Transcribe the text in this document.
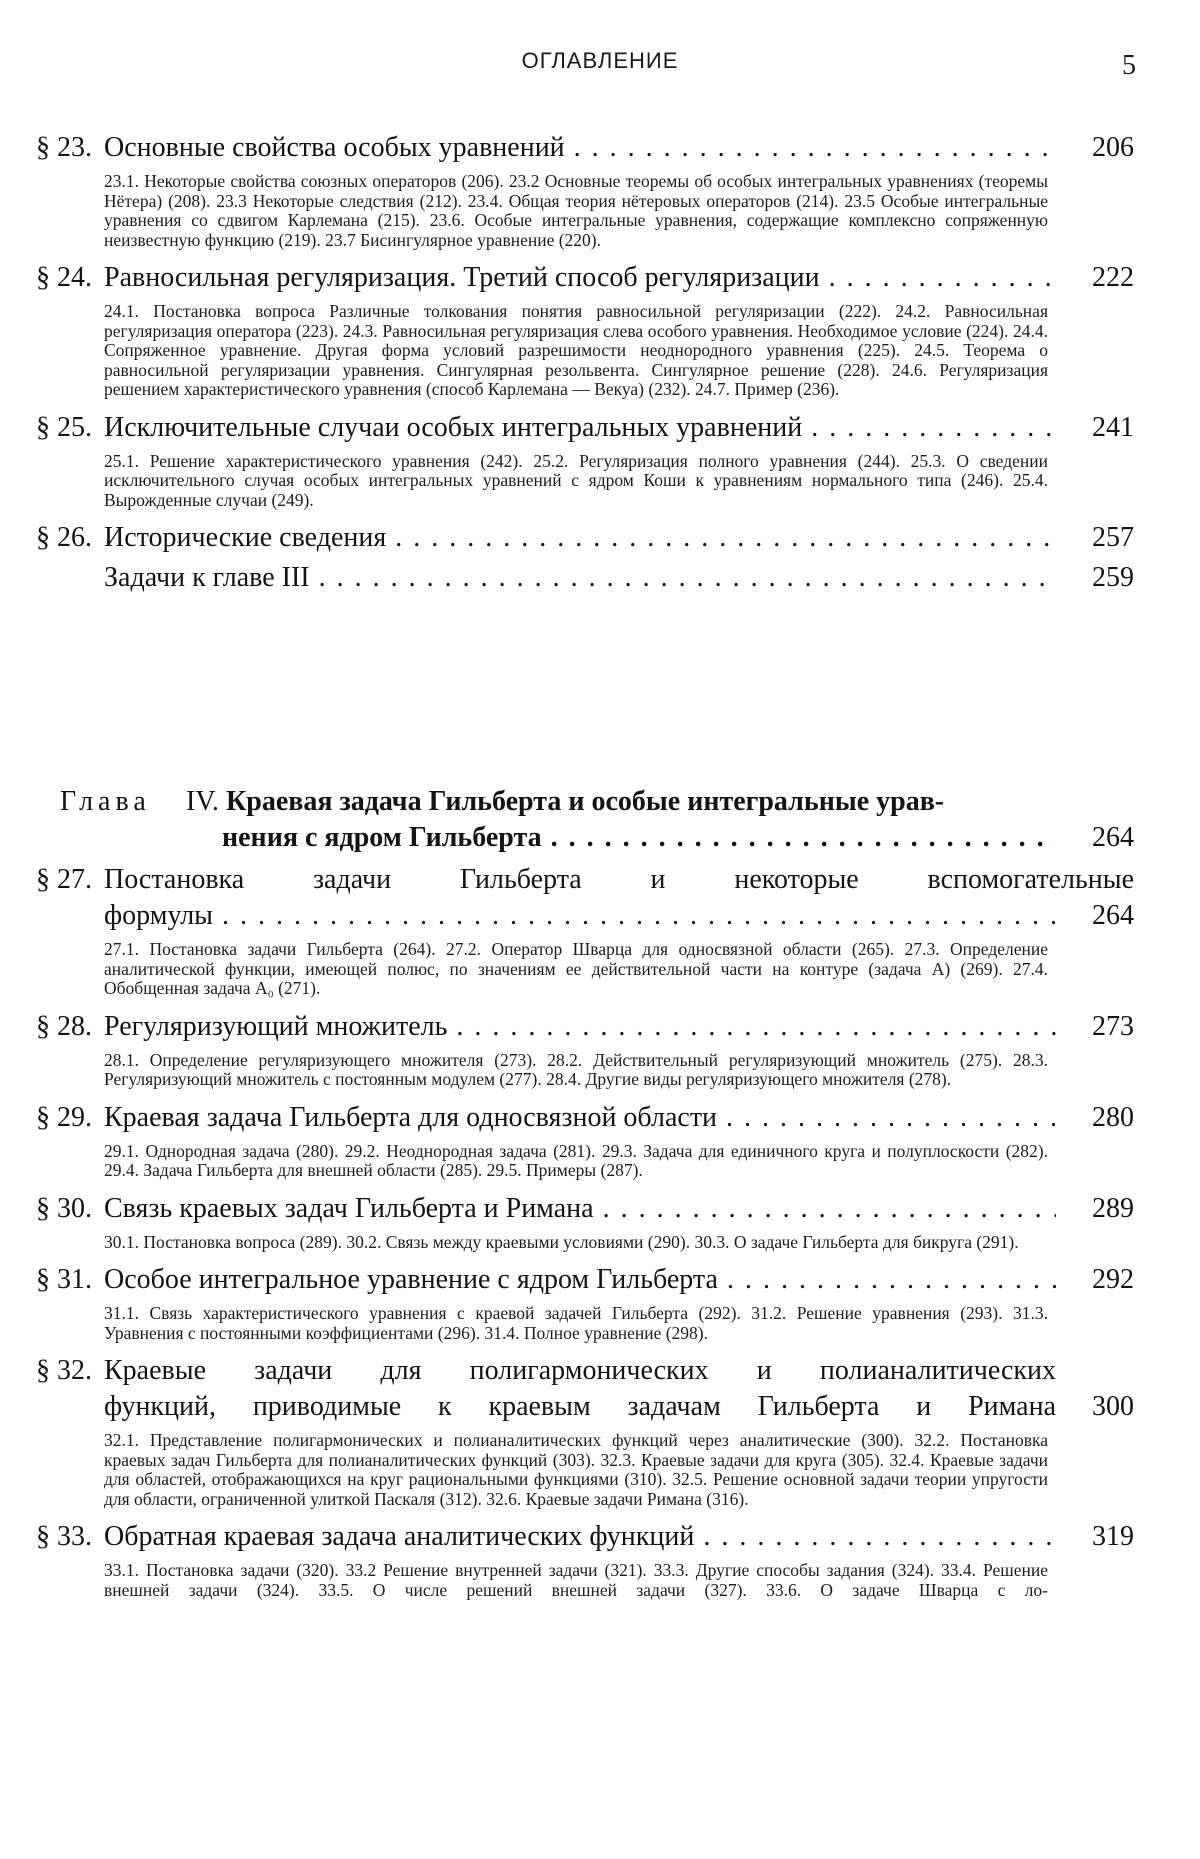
ОГЛАВЛЕНИЕ	5
§ 23. Основные свойства особых уравнений . . .	206
23.1. Некоторые свойства союзных операторов (206). 23.2 Основные теоремы об особых интегральных уравнениях (теоремы Нётера) (208). 23.3 Некоторые следствия (212). 23.4. Общая теория нётеровых операторов (214). 23.5 Особые интегральные уравнения со сдвигом Карлемана (215). 23.6. Особые интегральные уравнения, содержащие комплексно сопряженную неизвестную функцию (219). 23.7 Бисингулярное уравнение (220).
§ 24. Равносильная регуляризация. Третий способ регуляризации . . .	222
24.1. Постановка вопроса Различные толкования понятия равносильной регуляризации (222). 24.2. Равносильная регуляризация оператора (223). 24.3. Равносильная регуляризация слева особого уравнения. Необходимое условие (224). 24.4. Сопряженное уравнение. Другая форма условий разрешимости неоднородного уравнения (225). 24.5. Теорема о равносильной регуляризации уравнения. Сингулярная резольвента. Сингулярное решение (228). 24.6. Регуляризация решением характеристического уравнения (способ Карлемана — Векуа) (232). 24.7. Пример (236).
§ 25. Исключительные случаи особых интегральных уравнений . . .	241
25.1. Решение характеристического уравнения (242). 25.2. Регуляризация полного уравнения (244). 25.3. О сведении исключительного случая особых интегральных уравнений с ядром Коши к уравнениям нормального типа (246). 25.4. Вырожденные случаи (249).
§ 26. Исторические сведения . . .	257
Задачи к главе III . . .	259
Глава	IV. Краевая задача Гильберта и особые интегральные урав-
нения с ядром Гильберта . . .	264
§ 27. Постановка задачи Гильберта и некоторые вспомогательные
формулы . . .	264
27.1. Постановка задачи Гильберта (264). 27.2. Оператор Шварца для односвязной области (265). 27.3. Определение аналитической функции, имеющей полюс, по значениям ее действительной части на контуре (задача А) (269). 27.4. Обобщенная задача А₀ (271).
§ 28. Регуляризующий множитель . . .	273
28.1. Определение регуляризующего множителя (273). 28.2. Действительный регуляризующий множитель (275). 28.3. Регуляризующий множитель с постоянным модулем (277). 28.4. Другие виды регуляризующего множителя (278).
§ 29. Краевая задача Гильберта для односвязной области . . .	280
29.1. Однородная задача (280). 29.2. Неоднородная задача (281). 29.3. Задача для единичного круга и полуплоскости (282). 29.4. Задача Гильберта для внешней области (285). 29.5. Примеры (287).
§ 30. Связь краевых задач Гильберта и Римана . . .	289
30.1. Постановка вопроса (289). 30.2. Связь между краевыми условиями (290). 30.3. О задаче Гильберта для бикруга (291).
§ 31. Особое интегральное уравнение с ядром Гильберта . . .	292
31.1. Связь характеристического уравнения с краевой задачей Гильберта (292). 31.2. Решение уравнения (293). 31.3. Уравнения с постоянными коэффициентами (296). 31.4. Полное уравнение (298).
§ 32. Краевые задачи для полигармонических и полианалитических
функций, приводимые к краевым задачам Гильберта и Римана	300
32.1. Представление полигармонических и полианалитических функций через аналитические (300). 32.2. Постановка краевых задач Гильберта для полианалитических функций (303). 32.3. Краевые задачи для круга (305). 32.4. Краевые задачи для областей, отображающихся на круг рациональными функциями (310). 32.5. Решение основной задачи теории упругости для области, ограниченной улиткой Паскаля (312). 32.6. Краевые задачи Римана (316).
§ 33. Обратная краевая задача аналитических функций . . .	319
33.1. Постановка задачи (320). 33.2 Решение внутренней задачи (321). 33.3. Другие способы задания (324). 33.4. Решение внешней задачи (324). 33.5. О числе решений внешней задачи (327). 33.6. О задаче Шварца с ло-
